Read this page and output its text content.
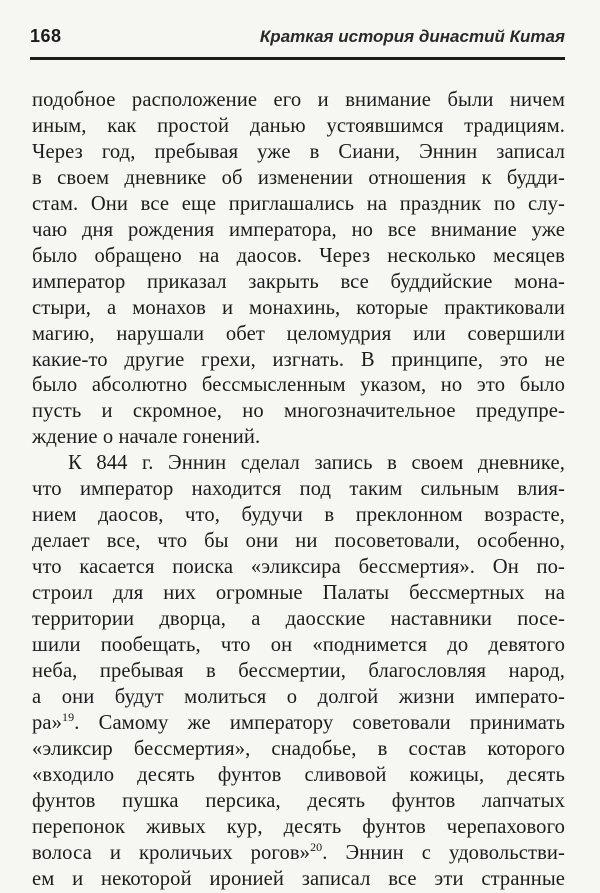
168	Краткая история династий Китая
подобное расположение его и внимание были ничем
иным, как простой данью устоявшимся традициям.
Через год, пребывая уже в Сиани, Эннин записал
в своем дневнике об изменении отношения к будди-
стам. Они все еще приглашались на праздник по слу-
чаю дня рождения императора, но все внимание уже
было обращено на даосов. Через несколько месяцев
император приказал закрыть все буддийские мона-
стыри, а монахов и монахинь, которые практиковали
магию, нарушали обет целомудрия или совершили
какие-то другие грехи, изгнать. В принципе, это не
было абсолютно бессмысленным указом, но это было
пусть и скромное, но многозначительное предупре-
ждение о начале гонений.
К 844 г. Эннин сделал запись в своем дневнике,
что император находится под таким сильным влия-
нием даосов, что, будучи в преклонном возрасте,
делает все, что бы они ни посоветовали, особенно,
что касается поиска «эликсира бессмертия». Он по-
строил для них огромные Палаты бессмертных на
территории дворца, а даосские наставники посе-
шили пообещать, что он «поднимется до девятого
неба, пребывая в бессмертии, благословляя народ,
а они будут молиться о долгой жизни императо-
ра»$^{19}$. Самому же императору советовали принимать
«эликсир бессмертия», снадобье, в состав которого
«входило десять фунтов сливовой кожицы, десять
фунтов пушка персика, десять фунтов лапчатых
перепонок живых кур, десять фунтов черепахового
волоса и кроличьих рогов»$^{20}$. Эннин с удовольстви-
ем и некоторой иронией записал все эти странные
